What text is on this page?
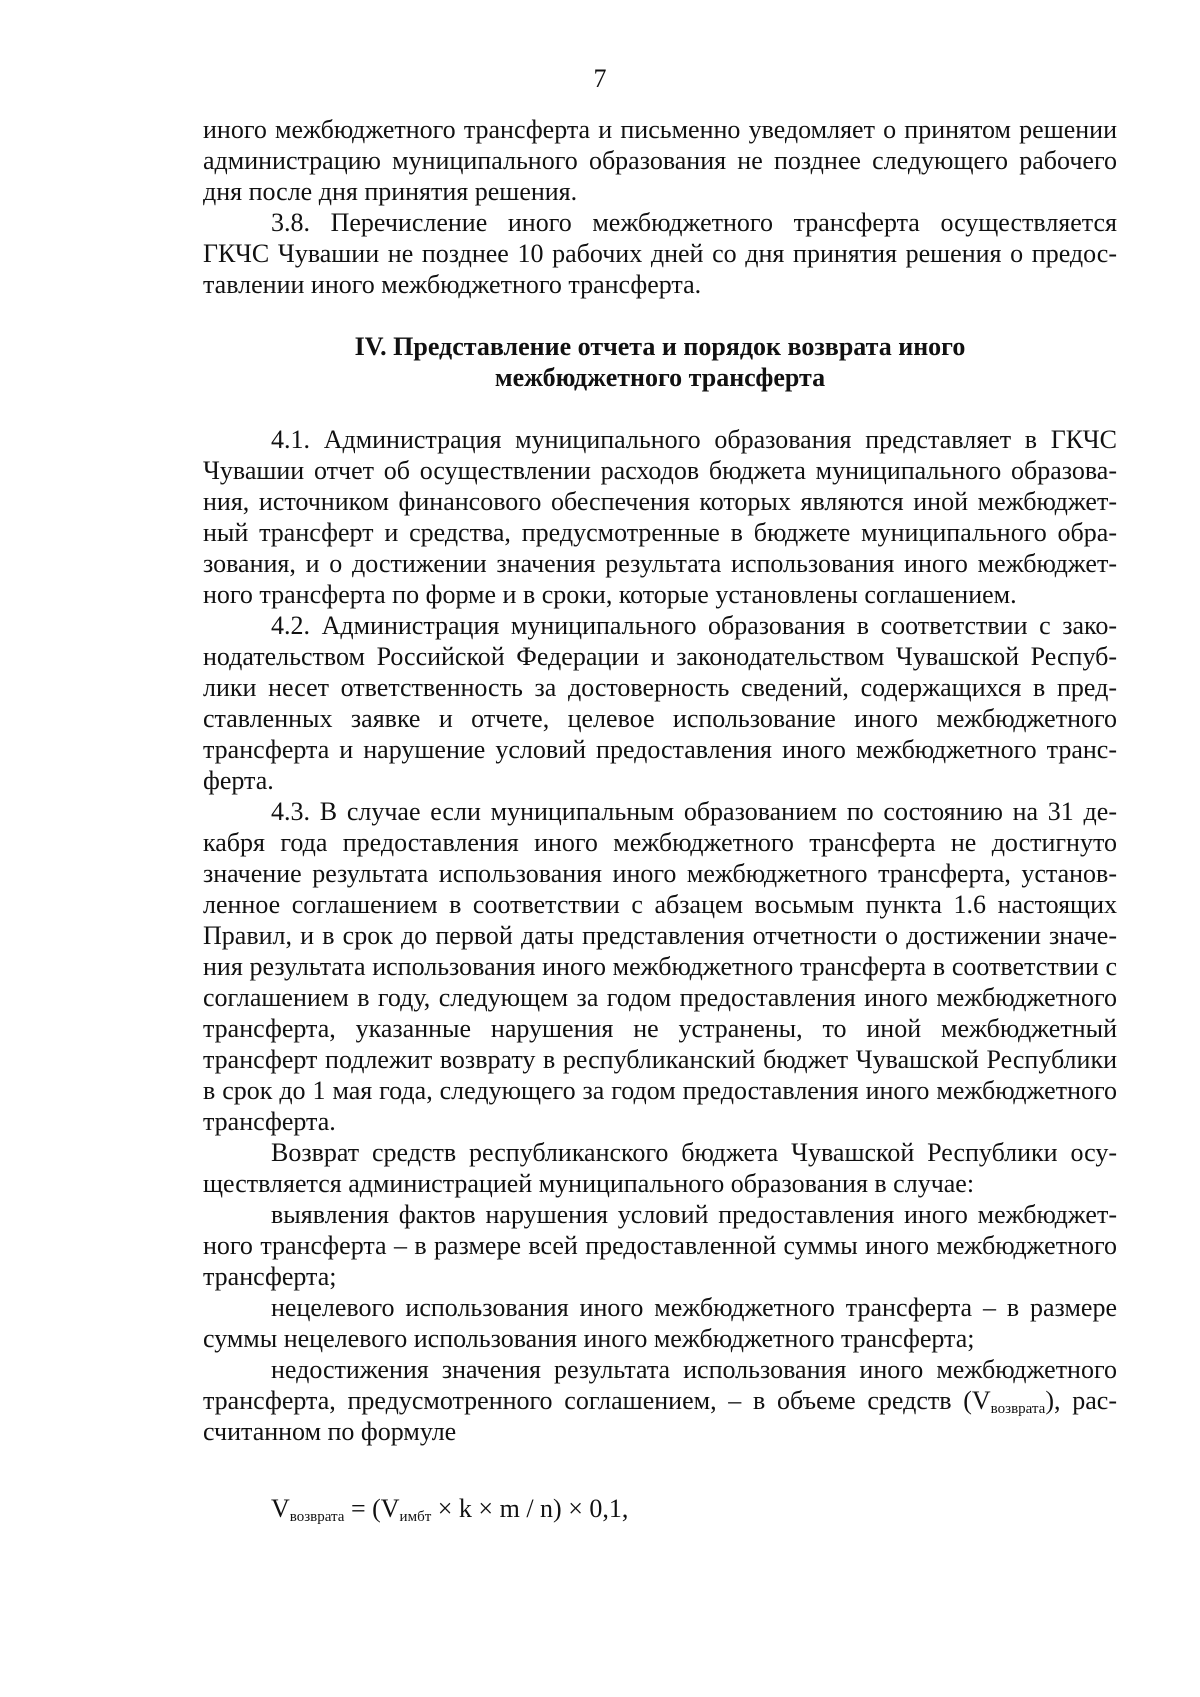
7

иного межбюджетного трансферта и письменно уведомляет о принятом решении администрацию муниципального образования не позднее следующего рабочего дня после дня принятия решения.

3.8. Перечисление иного межбюджетного трансферта осуществляется ГКЧС Чувашии не позднее 10 рабочих дней со дня принятия решения о предоставлении иного межбюджетного трансферта.

IV. Представление отчета и порядок возврата иного
межбюджетного трансферта

4.1. Администрация муниципального образования представляет в ГКЧС Чувашии отчет об осуществлении расходов бюджета муниципального образования, источником финансового обеспечения которых являются иной межбюджетный трансферт и средства, предусмотренные в бюджете муниципального образования, и о достижении значения результата использования иного межбюджетного трансферта по форме и в сроки, которые установлены соглашением.

4.2. Администрация муниципального образования в соответствии с законодательством Российской Федерации и законодательством Чувашской Республики несет ответственность за достоверность сведений, содержащихся в представленных заявке и отчете, целевое использование иного межбюджетного трансферта и нарушение условий предоставления иного межбюджетного трансферта.

4.3. В случае если муниципальным образованием по состоянию на 31 декабря года предоставления иного межбюджетного трансферта не достигнуто значение результата использования иного межбюджетного трансферта, установленное соглашением в соответствии с абзацем восьмым пункта 1.6 настоящих Правил, и в срок до первой даты представления отчетности о достижении значения результата использования иного межбюджетного трансферта в соответствии с соглашением в году, следующем за годом предоставления иного межбюджетного трансферта, указанные нарушения не устранены, то иной межбюджетный трансферт подлежит возврату в республиканский бюджет Чувашской Республики в срок до 1 мая года, следующего за годом предоставления иного межбюджетного трансферта.

Возврат средств республиканского бюджета Чувашской Республики осуществляется администрацией муниципального образования в случае:

выявления фактов нарушения условий предоставления иного межбюджетного трансферта – в размере всей предоставленной суммы иного межбюджетного трансферта;

нецелевого использования иного межбюджетного трансферта – в размере суммы нецелевого использования иного межбюджетного трансферта;

недостижения значения результата использования иного межбюджетного трансферта, предусмотренного соглашением, – в объеме средств $(V_{возврата})$, рассчитанном по формуле

$V_{возврата} = (V_{имбт} \times k \times m / n) \times 0,1$,
